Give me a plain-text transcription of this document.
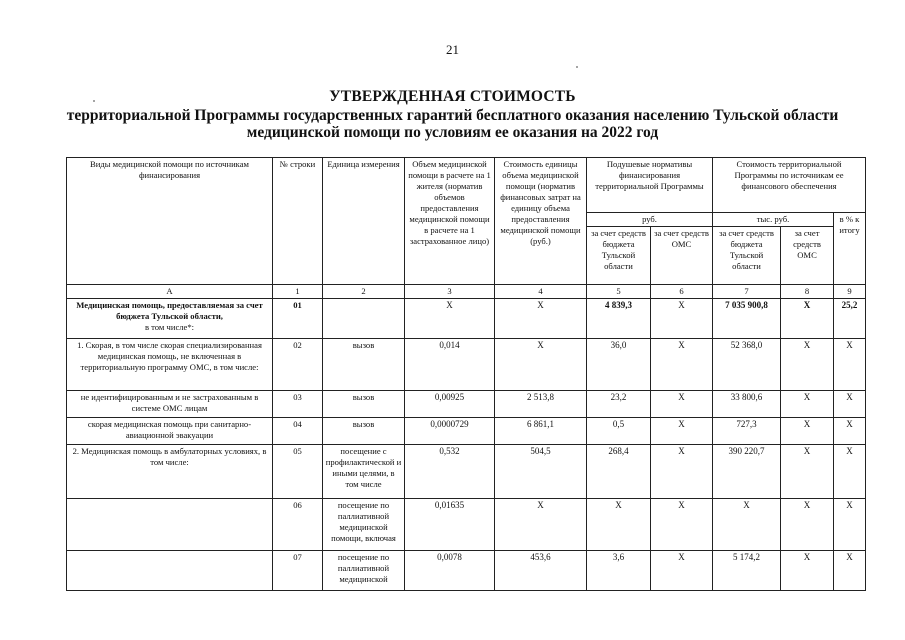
21
УТВЕРЖДЕННАЯ СТОИМОСТЬ
территориальной Программы государственных гарантий бесплатного оказания населению Тульской области
медицинской помощи по условиям ее оказания на 2022 год
Виды медицинской помощи по источникам финансирования	№ строки	Единица измерения	Объем медицинской помощи в расчете на 1 жителя (норматив объемов предоставления медицинской помощи в расчете на 1 застрахованное лицо)	Стоимость единицы объема медицинской помощи (норматив финансовых затрат на единицу объема предоставления медицинской помощи (руб.)	Подушевые нормативы финансирования территориальной Программы		Стоимость территориальной Программы по источникам ее финансового обеспечения		
					руб.		тыс. руб.		в % к итогу
					за счет средств бюджета Тульской области	за счет средств ОМС	за счет средств бюджета Тульской области	за счет средств ОМС	
А	1	2	3	4	5	6	7	8	9
Медицинская помощь, предоставляемая за счет бюджета Тульской области,
в том числе*:	01		X	X	4 839,3	X	7 035 900,8	X	25,2
1. Скорая, в том числе скорая специализированная медицинская помощь, не включенная в территориальную программу ОМС, в том числе:	02	вызов	0,014	X	36,0	X	52 368,0	X	X
не идентифицированным и не застрахованным в системе ОМС лицам	03	вызов	0,00925	2 513,8	23,2	X	33 800,6	X	X
скорая медицинская помощь при санитарно-авиационной эвакуации	04	вызов	0,0000729	6 861,1	0,5	X	727,3	X	X
2. Медицинская помощь в амбулаторных условиях, в том числе:	05	посещение с профилактической и иными целями, в том числе	0,532	504,5	268,4	X	390 220,7	X	X
	06	посещение по паллиативной медицинской помощи, включая	0,01635	X	X	X	X	X	X
	07	посещение по паллиативной медицинской	0,0078	453,6	3,6	X	5 174,2	X	X
